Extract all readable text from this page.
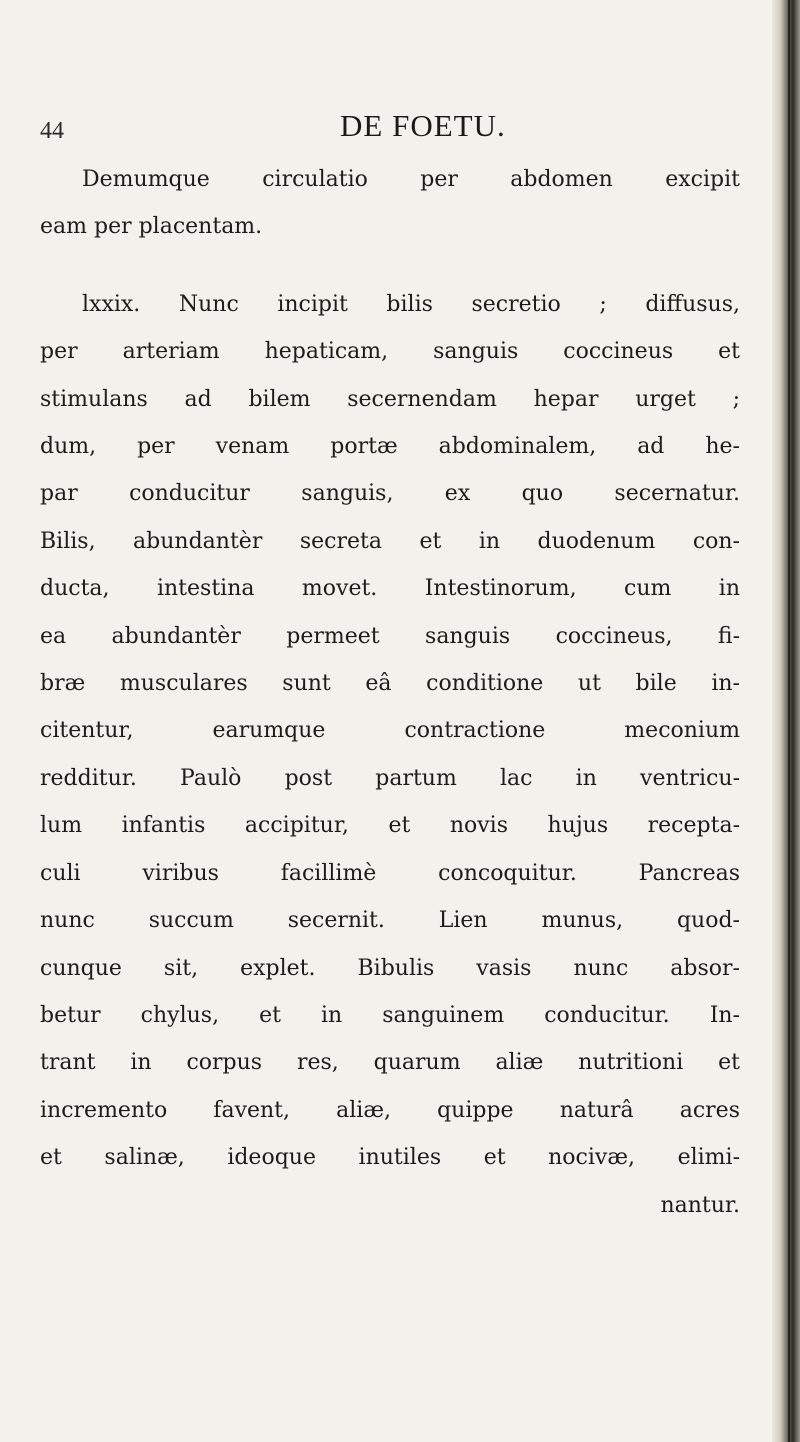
44	DE FOETU.
Demumque circulatio per abdomen excipit
eam per placentam.
lxxix. Nunc incipit bilis secretio ; diffusus,
per arteriam hepaticam, sanguis coccineus et
stimulans ad bilem secernendam hepar urget ;
dum, per venam portæ abdominalem, ad he-
par conducitur sanguis, ex quo secernatur.
Bilis, abundantèr secreta et in duodenum con-
ducta, intestina movet. Intestinorum, cum in
ea abundantèr permeet sanguis coccineus, fi-
bræ musculares sunt eâ conditione ut bile in-
citentur, earumque contractione meconium
redditur. Paulò post partum lac in ventricu-
lum infantis accipitur, et novis hujus recepta-
culi viribus facillimè concoquitur. Pancreas
nunc succum secernit. Lien munus, quod-
cunque sit, explet. Bibulis vasis nunc absor-
betur chylus, et in sanguinem conducitur. In-
trant in corpus res, quarum aliæ nutritioni et
incremento favent, aliæ, quippe naturâ acres
et salinæ, ideoque inutiles et nocivæ, elimi-
nantur.
